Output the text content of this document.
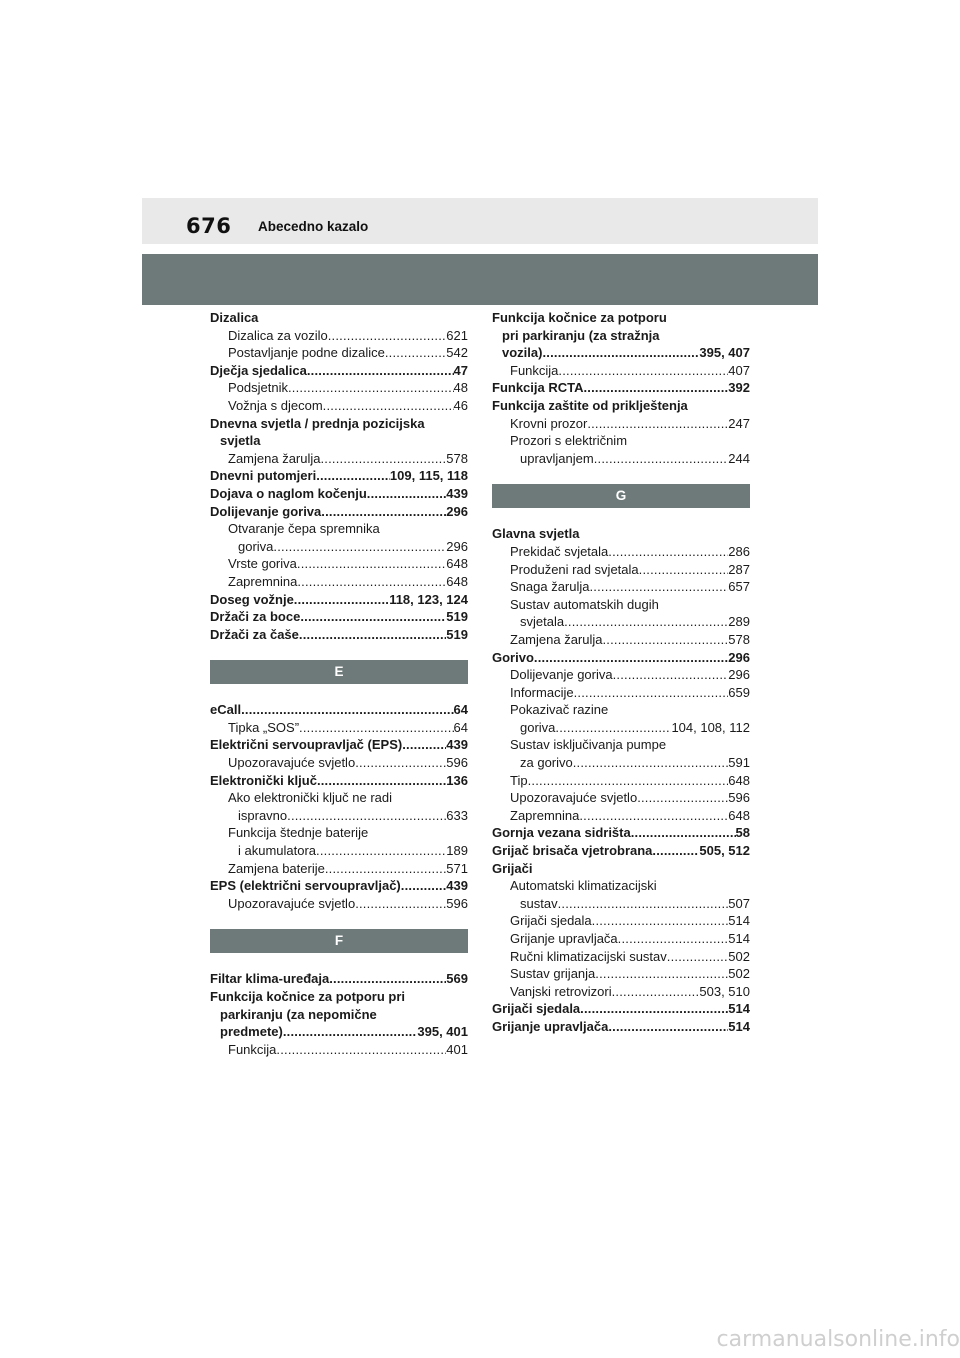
676 Abecedno kazalo
Dizalica
Dizalica za vozilo .....	621
Postavljanje podne dizalice .....	542
Dječja sjedalica .....	47
Podsjetnik .....	48
Vožnja s djecom .....	46
Dnevna svjetla / prednja pozicijska
svjetla
Zamjena žarulja .....	578
Dnevni putomjeri .....	109, 115, 118
Dojava o naglom kočenju .....	439
Dolijevanje goriva .....	296
Otvaranje čepa spremnika
goriva .....	296
Vrste goriva .....	648
Zapremnina .....	648
Doseg vožnje .....	118, 123, 124
Držači za boce .....	519
Držači za čaše .....	519
E
eCall .....	64
Tipka „SOS” .....	64
Električni servoupravljač (EPS) .....	439
Upozoravajuće svjetlo .....	596
Elektronički ključ .....	136
Ako elektronički ključ ne radi
ispravno .....	633
Funkcija štednje baterije
i akumulatora .....	189
Zamjena baterije .....	571
EPS (električni servoupravljač) .....	439
Upozoravajuće svjetlo .....	596
F
Filtar klima-uređaja .....	569
Funkcija kočnice za potporu pri
parkiranju (za nepomične
predmete) .....	395, 401
Funkcija .....	401
Funkcija kočnice za potporu
pri parkiranju (za stražnja
vozila) .....	395, 407
Funkcija .....	407
Funkcija RCTA .....	392
Funkcija zaštite od priklještenja
Krovni prozor .....	247
Prozori s električnim
upravljanjem .....	244
G
Glavna svjetla
Prekidač svjetala .....	286
Produženi rad svjetala .....	287
Snaga žarulja .....	657
Sustav automatskih dugih
svjetala .....	289
Zamjena žarulja .....	578
Gorivo .....	296
Dolijevanje goriva .....	296
Informacije .....	659
Pokazivač razine
goriva .....	104, 108, 112
Sustav isključivanja pumpe
za gorivo .....	591
Tip .....	648
Upozoravajuće svjetlo .....	596
Zapremnina .....	648
Gornja vezana sidrišta .....	58
Grijač brisača vjetrobrana .....	505, 512
Grijači
Automatski klimatizacijski
sustav .....	507
Grijači sjedala .....	514
Grijanje upravljača .....	514
Ručni klimatizacijski sustav .....	502
Sustav grijanja .....	502
Vanjski retrovizori .....	503, 510
Grijači sjedala .....	514
Grijanje upravljača .....	514
carmanualsonline.info
